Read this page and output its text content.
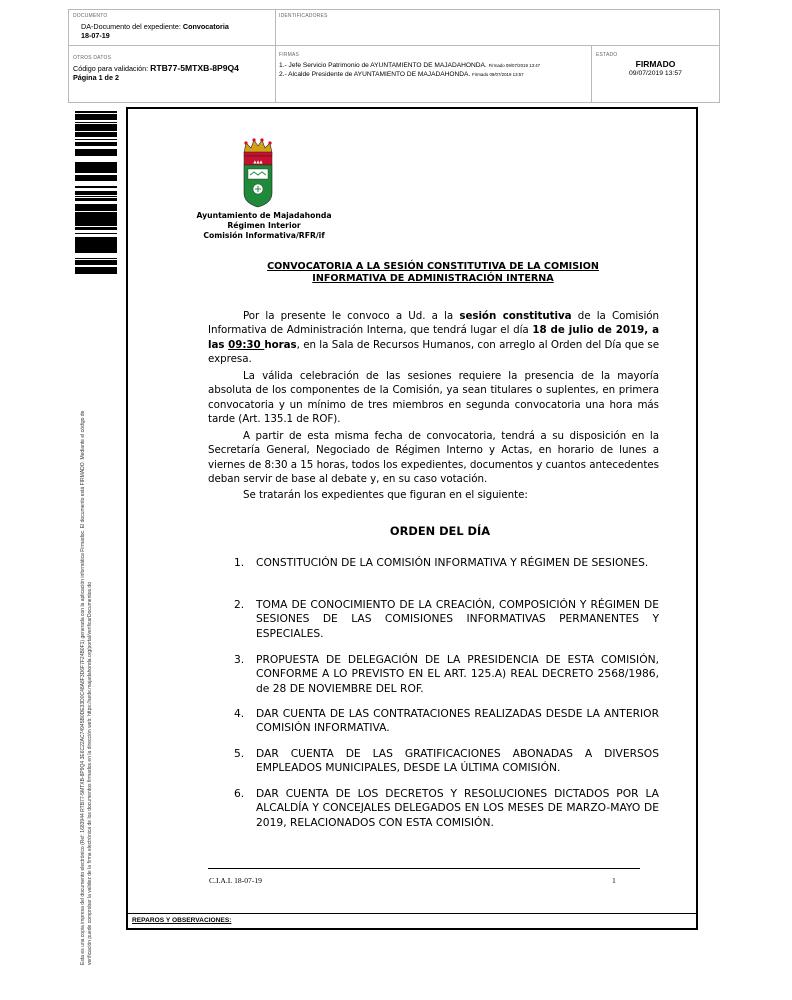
DOCUMENTO
DA-Documento del expediente: Convocatoria
18-07-19
IDENTIFICADORES
OTROS DATOS
Código para validación: RTB77-5MTXB-8P9Q4
Página 1 de 2
FIRMAS
1.- Jefe Servicio Patrimonio de AYUNTAMIENTO DE MAJADAHONDA. Firmado 09/07/2019 13:47
2.- Alcalde Presidente de AYUNTAMIENTO DE MAJADAHONDA. Firmado 09/07/2019 13:57
ESTADO
FIRMADO
09/07/2019 13:57
Esta es una copia impresa del documento electrónico (Ref: 1683944 RTB77-5MTXB-8P9Q4 3E6C22AC74945B0DE33D0C48A8F3D6F7F24B0F1) generada con la aplicación informática Firmadoc. El documento está FIRMADO. Mediante el código de verificación puede comprobar la validez de la firma electrónica de los documentos firmados en la dirección web: https://sede.majadahonda.org/portal/verificarDocumentos.do	REPAROS Y OBSERVACIONES:
▲▲▲
Ayuntamiento de Majadahonda
Régimen Interior
Comisión Informativa/RFR/if
CONVOCATORIA A LA SESIÓN CONSTITUTIVA DE LA COMISION
INFORMATIVA DE ADMINISTRACIÓN INTERNA

Por la presente le convoco a Ud. a la sesión constitutiva de la Comisión Informativa de Administración Interna, que tendrá lugar el día 18 de julio de 2019, a las 09:30 horas, en la Sala de Recursos Humanos, con arreglo al Orden del Día que se expresa.

La válida celebración de las sesiones requiere la presencia de la mayoría absoluta de los componentes de la Comisión, ya sean titulares o suplentes, en primera convocatoria y un mínimo de tres miembros en segunda convocatoria una hora más tarde (Art. 135.1 de ROF).

A partir de esta misma fecha de convocatoria, tendrá a su disposición en la Secretaría General, Negociado de Régimen Interno y Actas, en horario de lunes a viernes de 8:30 a 15 horas, todos los expedientes, documentos y cuantos antecedentes deban servir de base al debate y, en su caso votación.

Se tratarán los expedientes que figuran en el siguiente:

ORDEN DEL DÍA
1.	CONSTITUCIÓN DE LA COMISIÓN INFORMATIVA Y RÉGIMEN DE SESIONES.
2.	TOMA DE CONOCIMIENTO DE LA CREACIÓN, COMPOSICIÓN Y RÉGIMEN DE SESIONES DE LAS COMISIONES INFORMATIVAS PERMANENTES Y ESPECIALES.
3.	PROPUESTA DE DELEGACIÓN DE LA PRESIDENCIA DE ESTA COMISIÓN, CONFORME A LO PREVISTO EN EL ART. 125.A) REAL DECRETO 2568/1986, de 28 DE NOVIEMBRE DEL ROF.
4.	DAR CUENTA DE LAS CONTRATACIONES REALIZADAS DESDE LA ANTERIOR COMISIÓN INFORMATIVA.
5.	DAR CUENTA DE LAS GRATIFICACIONES ABONADAS A DIVERSOS EMPLEADOS MUNICIPALES, DESDE LA ÚLTIMA COMISIÓN.
6.	DAR CUENTA DE LOS DECRETOS Y RESOLUCIONES DICTADOS POR LA ALCALDÍA Y CONCEJALES DELEGADOS EN LOS MESES DE MARZO-MAYO DE 2019, RELACIONADOS CON ESTA COMISIÓN.
C.I.A.I. 18-07-19	1
